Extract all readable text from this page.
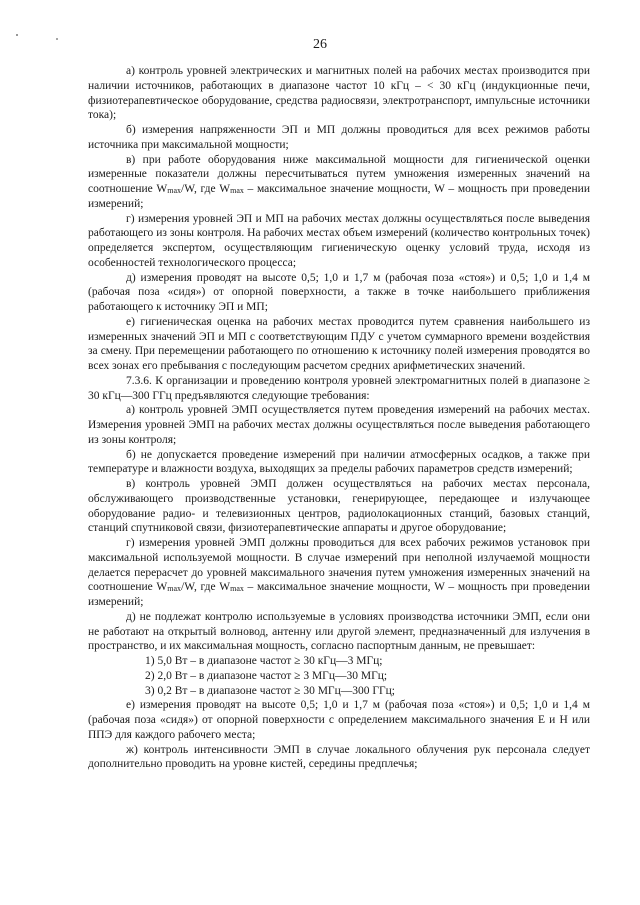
26

а) контроль уровней электрических и магнитных полей на рабочих местах производится при наличии источников, работающих в диапазоне частот 10 кГц – < 30 кГц (индукционные печи, физиотерапевтическое оборудование, средства радиосвязи, электротранспорт, импульсные источники тока);

б) измерения напряженности ЭП и МП должны проводиться для всех режимов работы источника при максимальной мощности;

в) при работе оборудования ниже максимальной мощности для гигиенической оценки измеренные показатели должны пересчитываться путем умножения измеренных значений на соотношение $W_{max}/W$, где $W_{max}$ – максимальное значение мощности, W – мощность при проведении измерений;

г) измерения уровней ЭП и МП на рабочих местах должны осуществляться после выведения работающего из зоны контроля. На рабочих местах объем измерений (количество контрольных точек) определяется экспертом, осуществляющим гигиеническую оценку условий труда, исходя из особенностей технологического процесса;

д) измерения проводят на высоте 0,5; 1,0 и 1,7 м (рабочая поза «стоя») и 0,5; 1,0 и 1,4 м (рабочая поза «сидя») от опорной поверхности, а также в точке наибольшего приближения работающего к источнику ЭП и МП;

е) гигиеническая оценка на рабочих местах проводится путем сравнения наибольшего из измеренных значений ЭП и МП с соответствующим ПДУ с учетом суммарного времени воздействия за смену. При перемещении работающего по отношению к источнику полей измерения проводятся во всех зонах его пребывания с последующим расчетом средних арифметических значений.

7.3.6. К организации и проведению контроля уровней электромагнитных полей в диапазоне ≥ 30 кГц—300 ГГц предъявляются следующие требования:

а) контроль уровней ЭМП осуществляется путем проведения измерений на рабочих местах. Измерения уровней ЭМП на рабочих местах должны осуществляться после выведения работающего из зоны контроля;

б) не допускается проведение измерений при наличии атмосферных осадков, а также при температуре и влажности воздуха, выходящих за пределы рабочих параметров средств измерений;

в) контроль уровней ЭМП должен осуществляться на рабочих местах персонала, обслуживающего производственные установки, генерирующее, передающее и излучающее оборудование радио- и телевизионных центров, радиолокационных станций, базовых станций, станций спутниковой связи, физиотерапевтические аппараты и другое оборудование;

г) измерения уровней ЭМП должны проводиться для всех рабочих режимов установок при максимальной используемой мощности. В случае измерений при неполной излучаемой мощности делается перерасчет до уровней максимального значения путем умножения измеренных значений на соотношение $W_{max}/W$, где $W_{max}$ – максимальное значение мощности, W – мощность при проведении измерений;

д) не подлежат контролю используемые в условиях производства источники ЭМП, если они не работают на открытый волновод, антенну или другой элемент, предназначенный для излучения в пространство, и их максимальная мощность, согласно паспортным данным, не превышает:

1) 5,0 Вт – в диапазоне частот ≥ 30 кГц—3 МГц;

2) 2,0 Вт – в диапазоне частот ≥ 3 МГц—30 МГц;

3) 0,2 Вт – в диапазоне частот ≥ 30 МГц—300 ГГц;

е) измерения проводят на высоте 0,5; 1,0 и 1,7 м (рабочая поза «стоя») и 0,5; 1,0 и 1,4 м (рабочая поза «сидя») от опорной поверхности с определением максимального значения Е и Н или ППЭ для каждого рабочего места;

ж) контроль интенсивности ЭМП в случае локального облучения рук персонала следует дополнительно проводить на уровне кистей, середины предплечья;
